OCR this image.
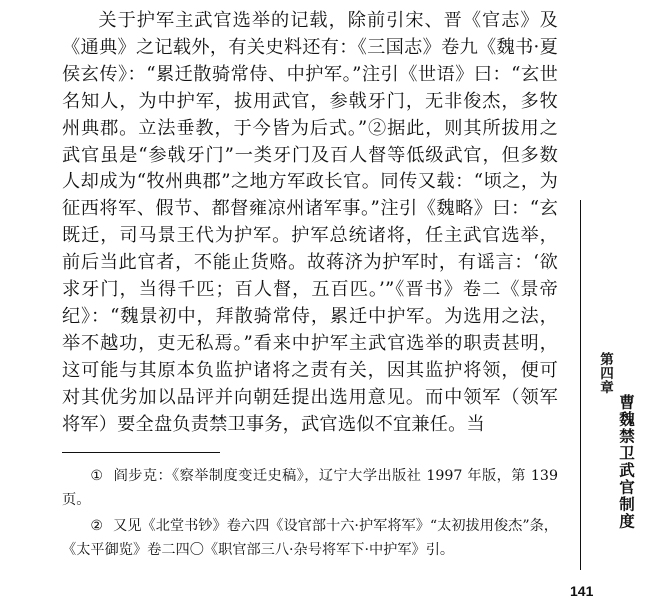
关于护军主武官选举的记载，除前引宋、晋《官志》及《通典》之记载外，有关史料还有：《三国志》卷九《魏书·夏侯玄传》：“累迁散骑常侍、中护军。”注引《世语》曰：“玄世名知人，为中护军，拔用武官，参戟牙门，无非俊杰，多牧州典郡。立法垂教，于今皆为后式。”②据此，则其所拔用之武官虽是“参戟牙门”一类牙门及百人督等低级武官，但多数人却成为“牧州典郡”之地方军政长官。同传又载：“顷之，为征西将军、假节、都督雍凉州诸军事。”注引《魏略》曰：“玄既迁，司马景王代为护军。护军总统诸将，任主武官选举，前后当此官者，不能止货赂。故蒋济为护军时，有谣言：‘欲求牙门，当得千匹；百人督，五百匹。’”《晋书》卷二《景帝纪》：“魏景初中，拜散骑常侍，累迁中护军。为选用之法，举不越功，吏无私焉。”看来中护军主武官选举的职责甚明，这可能与其原本负监护诸将之责有关，因其监护将领，便可对其优劣加以品评并向朝廷提出选用意见。而中领军（领军将军）要全盘负责禁卫事务，武官选似不宜兼任。当

① 阎步克：《察举制度变迁史稿》，辽宁大学出版社 1997 年版，第 139 页。

② 又见《北堂书钞》卷六四《设官部十六·护军将军》“太初拔用俊杰”条，《太平御览》卷二四〇《职官部三八·杂号将军下·中护军》引。

第四章
曹魏禁卫武官制度
141
